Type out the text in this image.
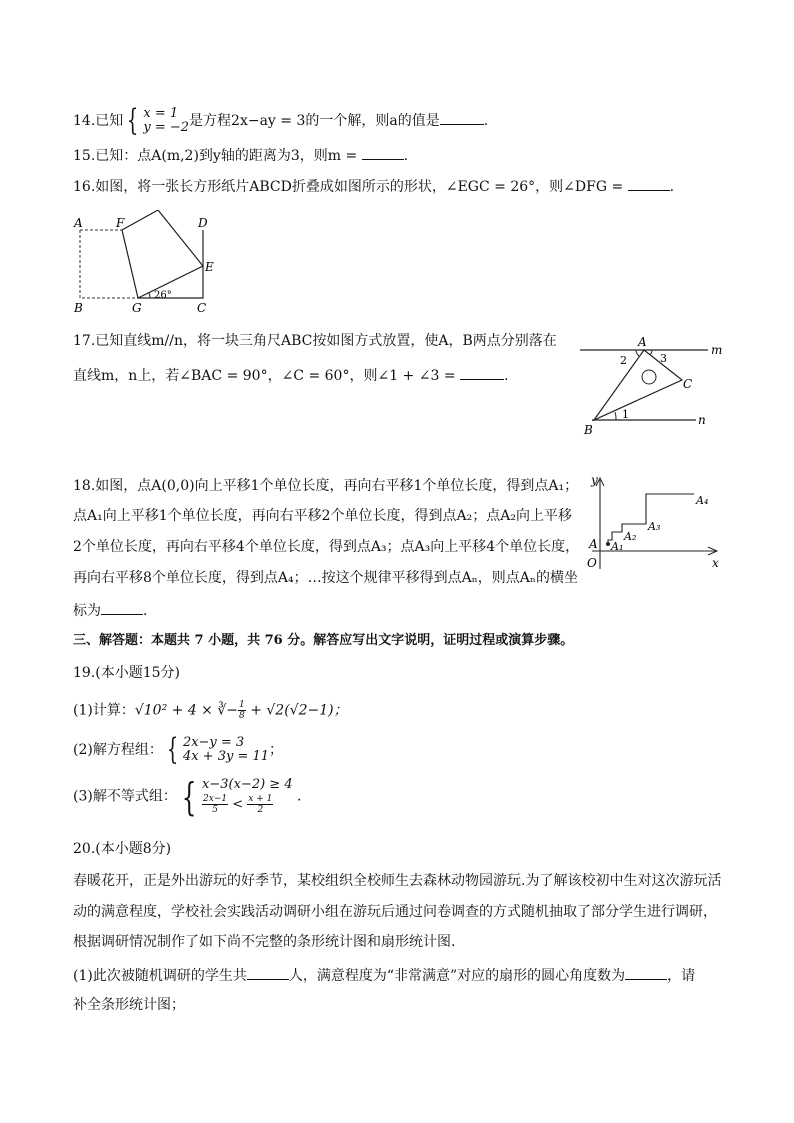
14.已知 { x = 1
y = −2 是方程2x−ay = 3的一个解，则a的值是	.
15.已知：点A(m,2)到y轴的距离为3，则m =	.
16.如图，将一张长方形纸片ABCD折叠成如图所示的形状，∠EGC = 26°，则∠DFG =	.
A
B	C
D
E
F
G
26°
17.已知直线m//n，将一块三角尺ABC按如图方式放置，使A，B两点分别落在
直线m，n上，若∠BAC = 90°，∠C = 60°，则∠1 + ∠3 =	.
A
B
C
m
n
1
2	3
18.如图，点A(0,0)向上平移1个单位长度，再向右平移1个单位长度，得到点A₁；
点A₁向上平移1个单位长度，再向右平移2个单位长度，得到点A₂；点A₂向上平移
2个单位长度，再向右平移4个单位长度，得到点A₃；点A₃向上平移4个单位长度，
再向右平移8个单位长度，得到点A₄；…按这个规律平移得到点Aₙ，则点Aₙ的横坐
标为	.
y
x
O
A A₁
A₂
A₃
A₄
三、解答题：本题共 7 小题，共 76 分。解答应写出文字说明，证明过程或演算步骤。
19.(本小题15分)
(1)计算：√10² + 4 × ∛− $\frac{1}{8} + √2(√2-1)$；
(2)解方程组： { 2x−y = 3
4x + 3y = 11 ；
(3)解不等式组： { x−3(x−2) ≥ 4
$\frac{2x-1}{5} < \frac{x + 1}{2}$ .
20.(本小题8分)
春暖花开，正是外出游玩的好季节，某校组织全校师生去森林动物园游玩.为了解该校初中生对这次游玩活
动的满意程度，学校社会实践活动调研小组在游玩后通过问卷调查的方式随机抽取了部分学生进行调研，
根据调研情况制作了如下尚不完整的条形统计图和扇形统计图.
(1)此次被随机调研的学生共	人，满意程度为“非常满意”对应的扇形的圆心角度数为	，请
补全条形统计图；
